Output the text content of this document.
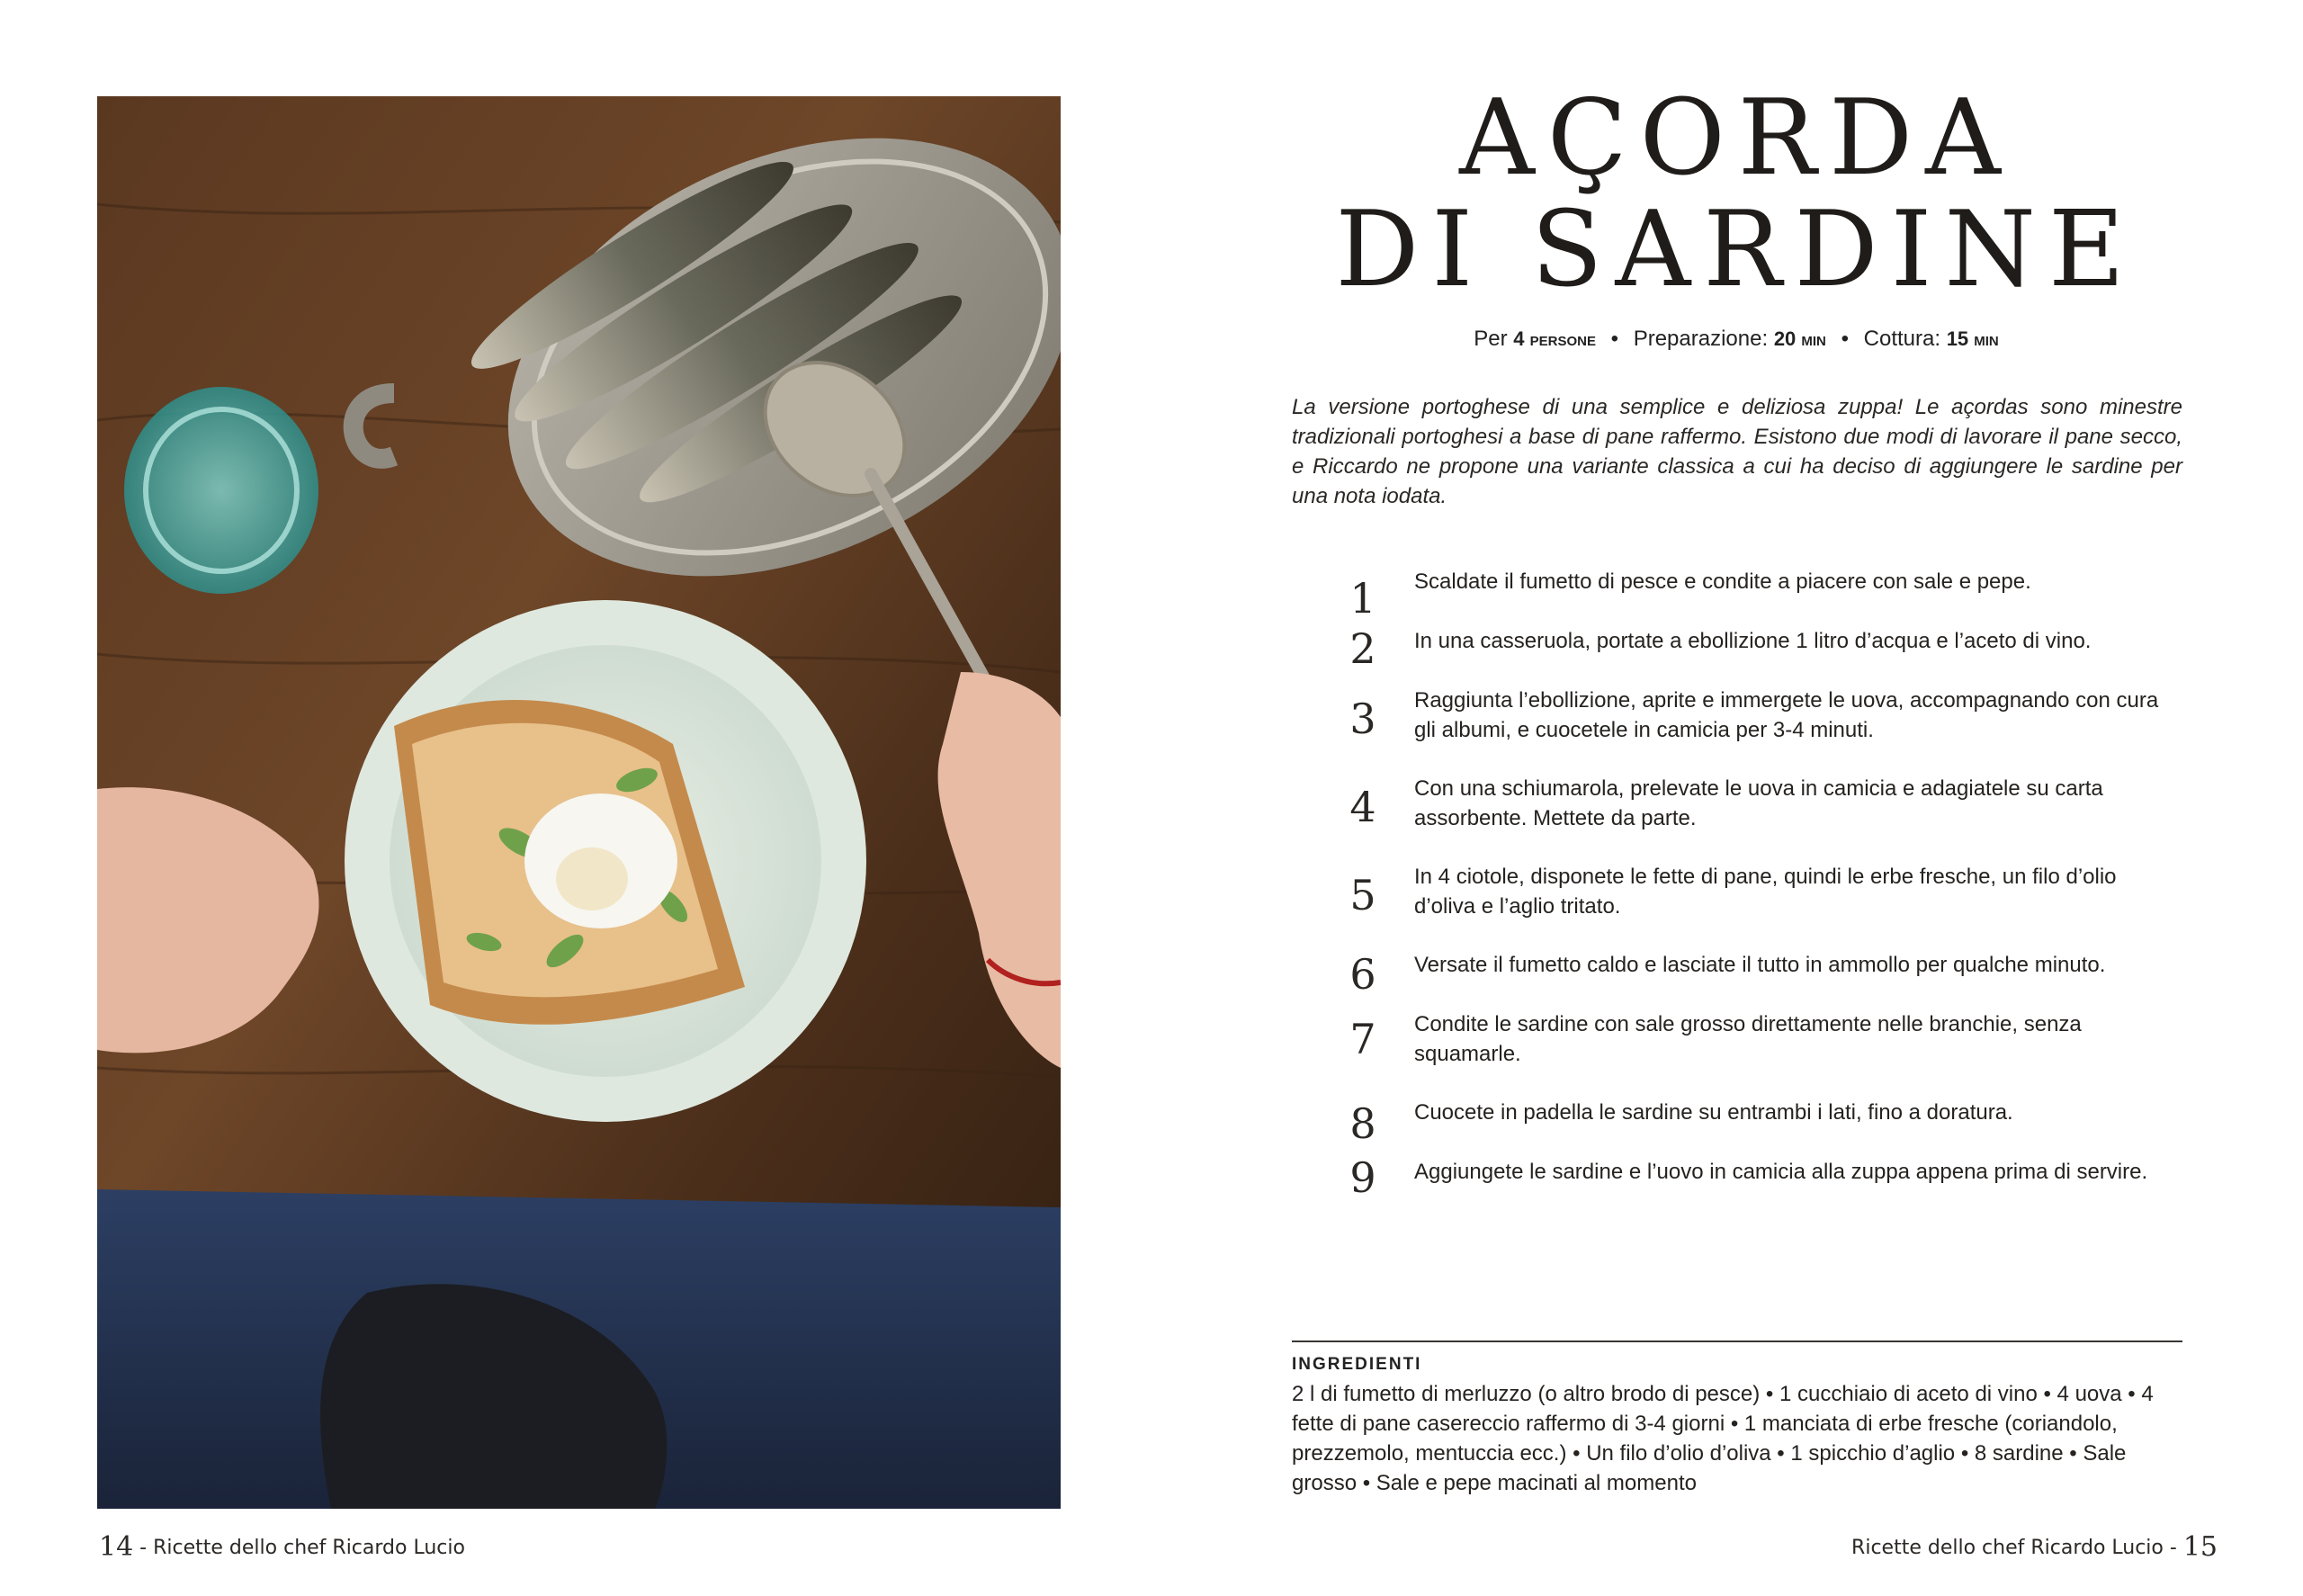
14 - Ricette dello chef Ricardo Lucio	Ricette dello chef Ricardo Lucio - 15
AÇORDA
DI SARDINE
Per 4 persone • Preparazione: 20 min • Cottura: 15 min

La versione portoghese di una semplice e deliziosa zuppa! Le açordas sono minestre tradizionali portoghesi a base di pane raffermo. Esistono due modi di lavorare il pane secco, e Riccardo ne propone una variante classica a cui ha deciso di aggiungere le sardine per una nota iodata.

1	Scaldate il fumetto di pesce e condite a piacere con sale e pepe.
2	In una casseruola, portate a ebollizione 1 litro d’acqua e l’aceto di vino.
3	Raggiunta l’ebollizione, aprite e immergete le uova, accompagnando con cura gli albumi, e cuocetele in camicia per 3-4 minuti.
4	Con una schiumarola, prelevate le uova in camicia e adagiatele su carta assorbente. Mettete da parte.
5	In 4 ciotole, disponete le fette di pane, quindi le erbe fresche, un filo d’olio d’oliva e l’aglio tritato.
6	Versate il fumetto caldo e lasciate il tutto in ammollo per qualche minuto.
7	Condite le sardine con sale grosso direttamente nelle branchie, senza squamarle.
8	Cuocete in padella le sardine su entrambi i lati, fino a doratura.
9	Aggiungete le sardine e l’uovo in camicia alla zuppa appena prima di servire.
INGREDIENTI

2 l di fumetto di merluzzo (o altro brodo di pesce) • 1 cucchiaio di aceto di vino • 4 uova • 4 fette di pane casereccio raffermo di 3-4 giorni • 1 manciata di erbe fresche (coriandolo, prezzemolo, mentuccia ecc.) • Un filo d’olio d’oliva • 1 spicchio d’aglio • 8 sardine • Sale grosso • Sale e pepe macinati al momento
